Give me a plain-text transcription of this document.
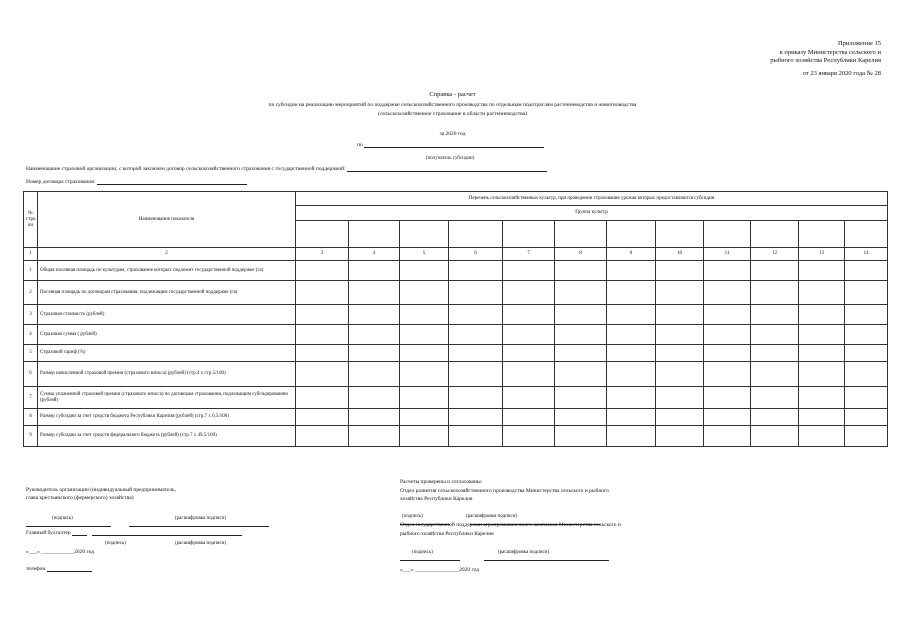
Приложение 15
к приказу Министерства сельского и
рыбного хозяйства Республики Карелия
от 23 января 2020 года № 28
Справка - расчет
по субсидии на реализацию мероприятий по поддержке сельскохозяйственного производства по отдельным подотраслям растениеводства и животноводства
(сельскохозяйственное страхование в области растениеводства)
за 2020 год
по
(получатель субсидии)
Наименование страховой организации, с которой заключен договор сельскохозяйственного страхования с государственной поддержкой:
Номер договора страхования:
№ стро ки	Наименование показателя	Перечень сельскохозяйственных культур, при проведении страхования урожая которых предоставляются субсидии											
		Группа культур											

1	2	3	4	5	6	7	8	9	10	11	12	13	14
1	Общая посевная площадь по культурам, страхование которых подлежит государственной поддержке (га)												
2	Посевная площадь по договорам страхования, подлежащим государственной поддержке (га)												
3	Страховая стоимость (рублей)												
4	Страховая сумма ( рублей)												
5	Страховой тариф (%)												
6	Размер начисленной страховой премии (страхового взноса) (рублей) (стр.4 х стр.5/100)												
7	Сумма уплаченной страховой премии (страхового взноса) по договорам страхования, подлежащим субсидированию (рублей)												
8	Размер субсидии за счет средств бюджета Республики Карелия (рублей) (стр.7 х 0,5/100)												
9	Размер субсидии за счет средств федерального бюджета (рублей) (стр.7 х 49,5/100)												
Руководитель организации (индивидуальный предприниматель,
глава крестьянского (фермерского) хозяйства)

(подпись)	(расшифровка подписи)
Главный бухгалтер
(подпись)	(расшифровка подписи)
«___» ____________2020 год
телефон
Расчеты проверены и согласованы:
Отдел развития сельскохозяйственного производства Министерства сельского и рыбного
хозяйства Республики Карелия

(подпись)	(расшифровка подписи)
Отдел государственной поддержки агропромышленного комплекса Министерства сельского и
рыбного хозяйства Республики Карелия

(подпись)	(расшифровка подписи)
«___» ________________2020 год
